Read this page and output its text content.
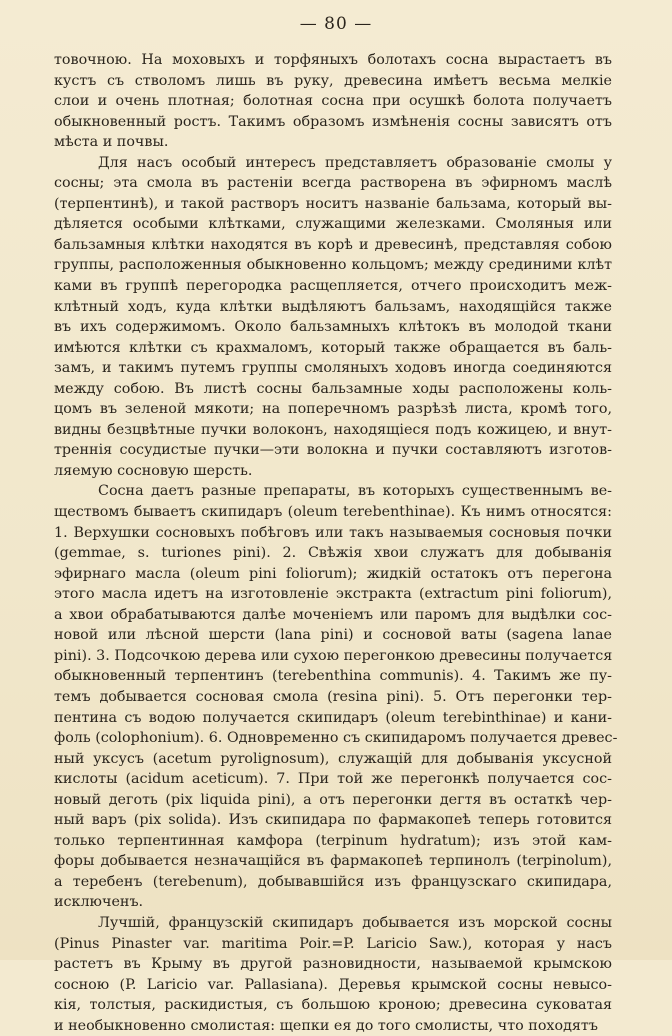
— 80 —
товочною. На моховыхъ и торфяныхъ болотахъ сосна вырастаетъ въ
кустъ съ стволомъ лишь въ руку, древесина имѣетъ весьма мелкіе
слои и очень плотная; болотная сосна при осушкѣ болота получаетъ
обыкновенный ростъ. Такимъ образомъ измѣненія сосны зависятъ отъ
мѣста и почвы.
Для насъ особый интересъ представляетъ образованіе смолы у
сосны; эта смола въ растеніи всегда растворена въ эфирномъ маслѣ
(терпентинѣ), и такой растворъ носитъ названіе бальзама, который вы-
дѣляется особыми клѣтками, служащими железками. Смоляныя или
бальзамныя клѣтки находятся въ корѣ и древесинѣ, представляя собою
группы, расположенныя обыкновенно кольцомъ; между срединими клѣт
ками въ группѣ перегородка расщепляется, отчего происходитъ меж-
клѣтный ходъ, куда клѣтки выдѣляютъ бальзамъ, находящійся также
въ ихъ содержимомъ. Около бальзамныхъ клѣтокъ въ молодой ткани
имѣются клѣтки съ крахмаломъ, который также обращается въ баль-
замъ, и такимъ путемъ группы смоляныхъ ходовъ иногда соединяются
между собою. Въ листѣ сосны бальзамные ходы расположены коль-
цомъ въ зеленой мякоти; на поперечномъ разрѣзѣ листа, кромѣ того,
видны безцвѣтные пучки волоконъ, находящіеся подъ кожицею, и внут-
треннія сосудистые пучки—эти волокна и пучки составляютъ изготов-
ляемую сосновую шерсть.
Сосна даетъ разные препараты, въ которыхъ существеннымъ ве-
ществомъ бываетъ скипидаръ (oleum terebenthinae). Къ нимъ относятся:
1. Верхушки сосновыхъ побѣговъ или такъ называемыя сосновыя почки
(gemmae, s. turiones pini). 2. Свѣжія хвои служатъ для добыванія
эфирнаго масла (oleum pini foliorum); жидкій остатокъ отъ перегона
этого масла идетъ на изготовленіе экстракта (extractum pini foliorum),
а хвои обрабатываются далѣе моченіемъ или паромъ для выдѣлки сос-
новой или лѣсной шерсти (lana pini) и сосновой ваты (sagena lanae
pini). 3. Подсочкою дерева или сухою перегонкою древесины получается
обыкновенный терпентинъ (terebenthina communis). 4. Такимъ же пу-
темъ добывается сосновая смола (resina pini). 5. Отъ перегонки тер-
пентина съ водою получается скипидаръ (oleum terebinthinae) и кани-
фоль (colophonium). 6. Одновременно съ скипидаромъ получается древес-
ный уксусъ (acetum pyrolignosum), служащій для добыванія уксусной
кислоты (acidum aceticum). 7. При той же перегонкѣ получается сос-
новый деготь (pix liquida pini), а отъ перегонки дегтя въ остаткѣ чер-
ный варъ (pix solida). Изъ скипидара по фармакопеѣ теперь готовится
только терпентинная камфора (terpinum hydratum); изъ этой кам-
форы добывается незначащійся въ фармакопеѣ терпинолъ (terpinolum),
а теребенъ (terebenum), добывавшійся изъ французскаго скипидара,
исключенъ.
Лучшій, французскій скипидаръ добывается изъ морской сосны
(Pinus Pinaster var. maritima Poir.=P. Laricio Saw.), которая у насъ
растетъ въ Крыму въ другой разновидности, называемой крымскою
сосною (P. Laricio var. Pallasiana). Деревья крымской сосны невысо-
кія, толстыя, раскидистыя, съ большою кроною; древесина суковатая
и необыкновенно смолистая: щепки ея до того смолисты, что походятъ
